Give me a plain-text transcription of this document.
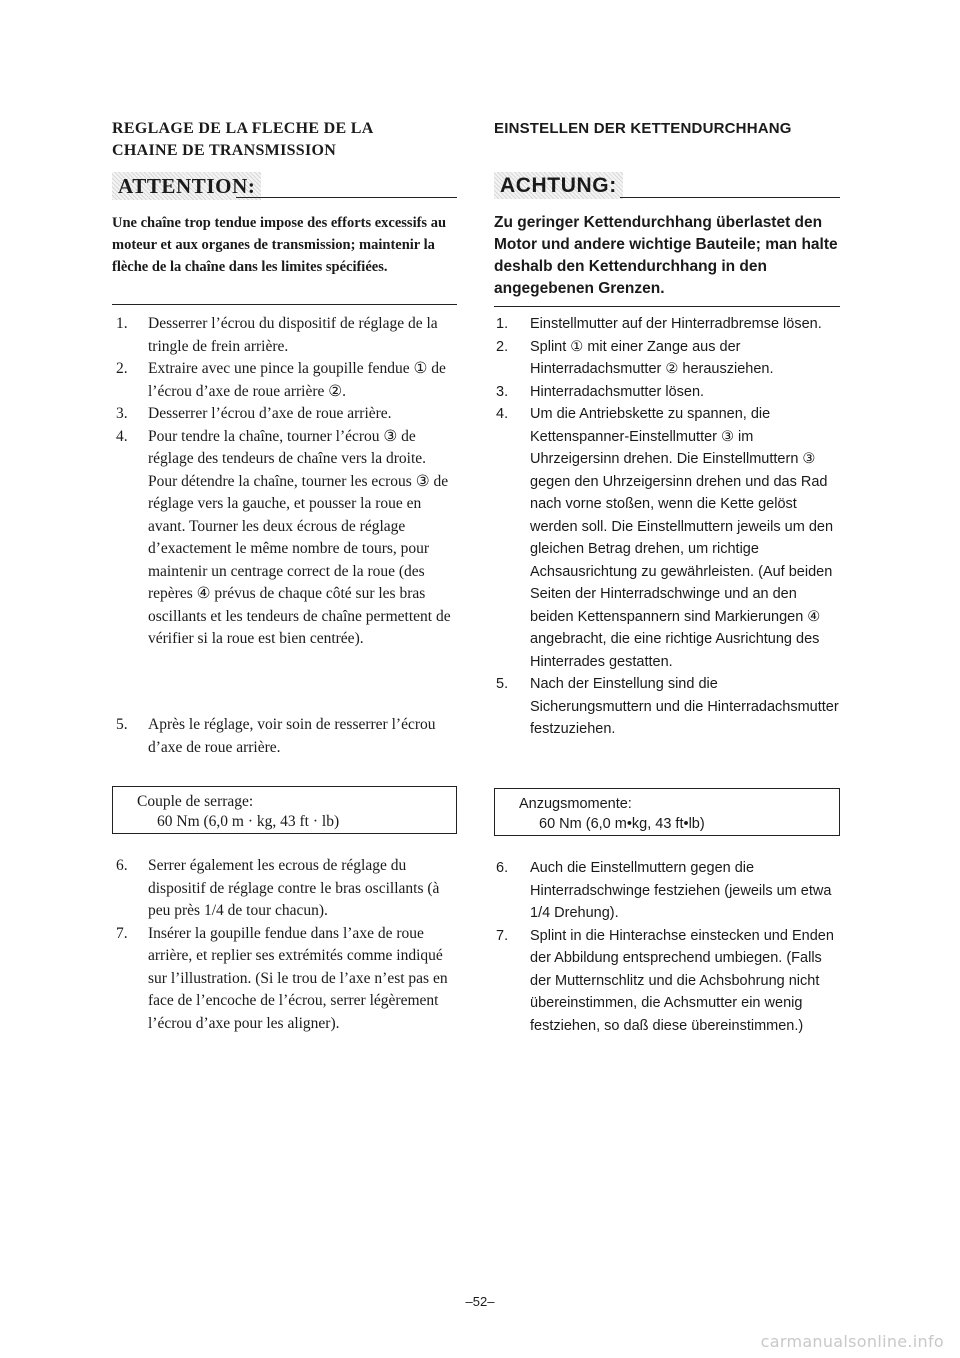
REGLAGE DE LA FLECHE DE LA
CHAINE DE TRANSMISSION
ATTENTION:
Une chaîne trop tendue impose des efforts excessifs au moteur et aux organes de transmission; maintenir la flèche de la chaîne dans les limites spécifiées.
1. Desserrer l’écrou du dispositif de réglage de la tringle de frein arrière.
2. Extraire avec une pince la goupille fendue ① de l’écrou d’axe de roue arrière ②.
3. Desserrer l’écrou d’axe de roue arrière.
4. Pour tendre la chaîne, tourner l’écrou ③ de réglage des tendeurs de chaîne vers la droite. Pour détendre la chaîne, tourner les ecrous ③ de réglage vers la gauche, et pousser la roue en avant. Tourner les deux écrous de réglage d’exactement le même nombre de tours, pour maintenir un centrage correct de la roue (des repères ④ prévus de chaque côté sur les bras oscillants et les tendeurs de chaîne permettent de vérifier si la roue est bien centrée).
5. Après le réglage, voir soin de resserrer l’écrou d’axe de roue arrière.
Couple de serrage:
60 Nm (6,0 m · kg, 43 ft · lb)
6. Serrer également les ecrous de réglage du dispositif de réglage contre le bras oscillants (à peu près 1/4 de tour chacun).
7. Insérer la goupille fendue dans l’axe de roue arrière, et replier ses extrémités comme indiqué sur l’illustration. (Si le trou de l’axe n’est pas en face de l’encoche de l’écrou, serrer légèrement l’écrou d’axe pour les aligner).
EINSTELLEN DER KETTENDURCHHANG
ACHTUNG:
Zu geringer Kettendurchhang überlastet den Motor und andere wichtige Bauteile; man halte deshalb den Kettendurchhang in den angegebenen Grenzen.
1. Einstellmutter auf der Hinterradbremse lösen.
2. Splint ① mit einer Zange aus der Hinterradachsmutter ② herausziehen.
3. Hinterradachsmutter lösen.
4. Um die Antriebskette zu spannen, die Kettenspanner-Einstellmutter ③ im Uhrzeigersinn drehen. Die Einstellmuttern ③ gegen den Uhrzeigersinn drehen und das Rad nach vorne stoßen, wenn die Kette gelöst werden soll. Die Einstellmuttern jeweils um den gleichen Betrag drehen, um richtige Achsausrichtung zu gewährleisten. (Auf beiden Seiten der Hinterradschwinge und an den beiden Kettenspannern sind Markierungen ④ angebracht, die eine richtige Ausrichtung des Hinterrades gestatten.
5. Nach der Einstellung sind die Sicherungsmuttern und die Hinterradachsmutter festzuziehen.
Anzugsmomente:
60 Nm (6,0 m•kg, 43 ft•lb)
6. Auch die Einstellmuttern gegen die Hinterradschwinge festziehen (jeweils um etwa 1/4 Drehung).
7. Splint in die Hinterachse einstecken und Enden der Abbildung entsprechend umbiegen. (Falls der Mutternschlitz und die Achsbohrung nicht übereinstimmen, die Achsmutter ein wenig festziehen, so daß diese übereinstimmen.)
–52–
carmanualsonline.info
